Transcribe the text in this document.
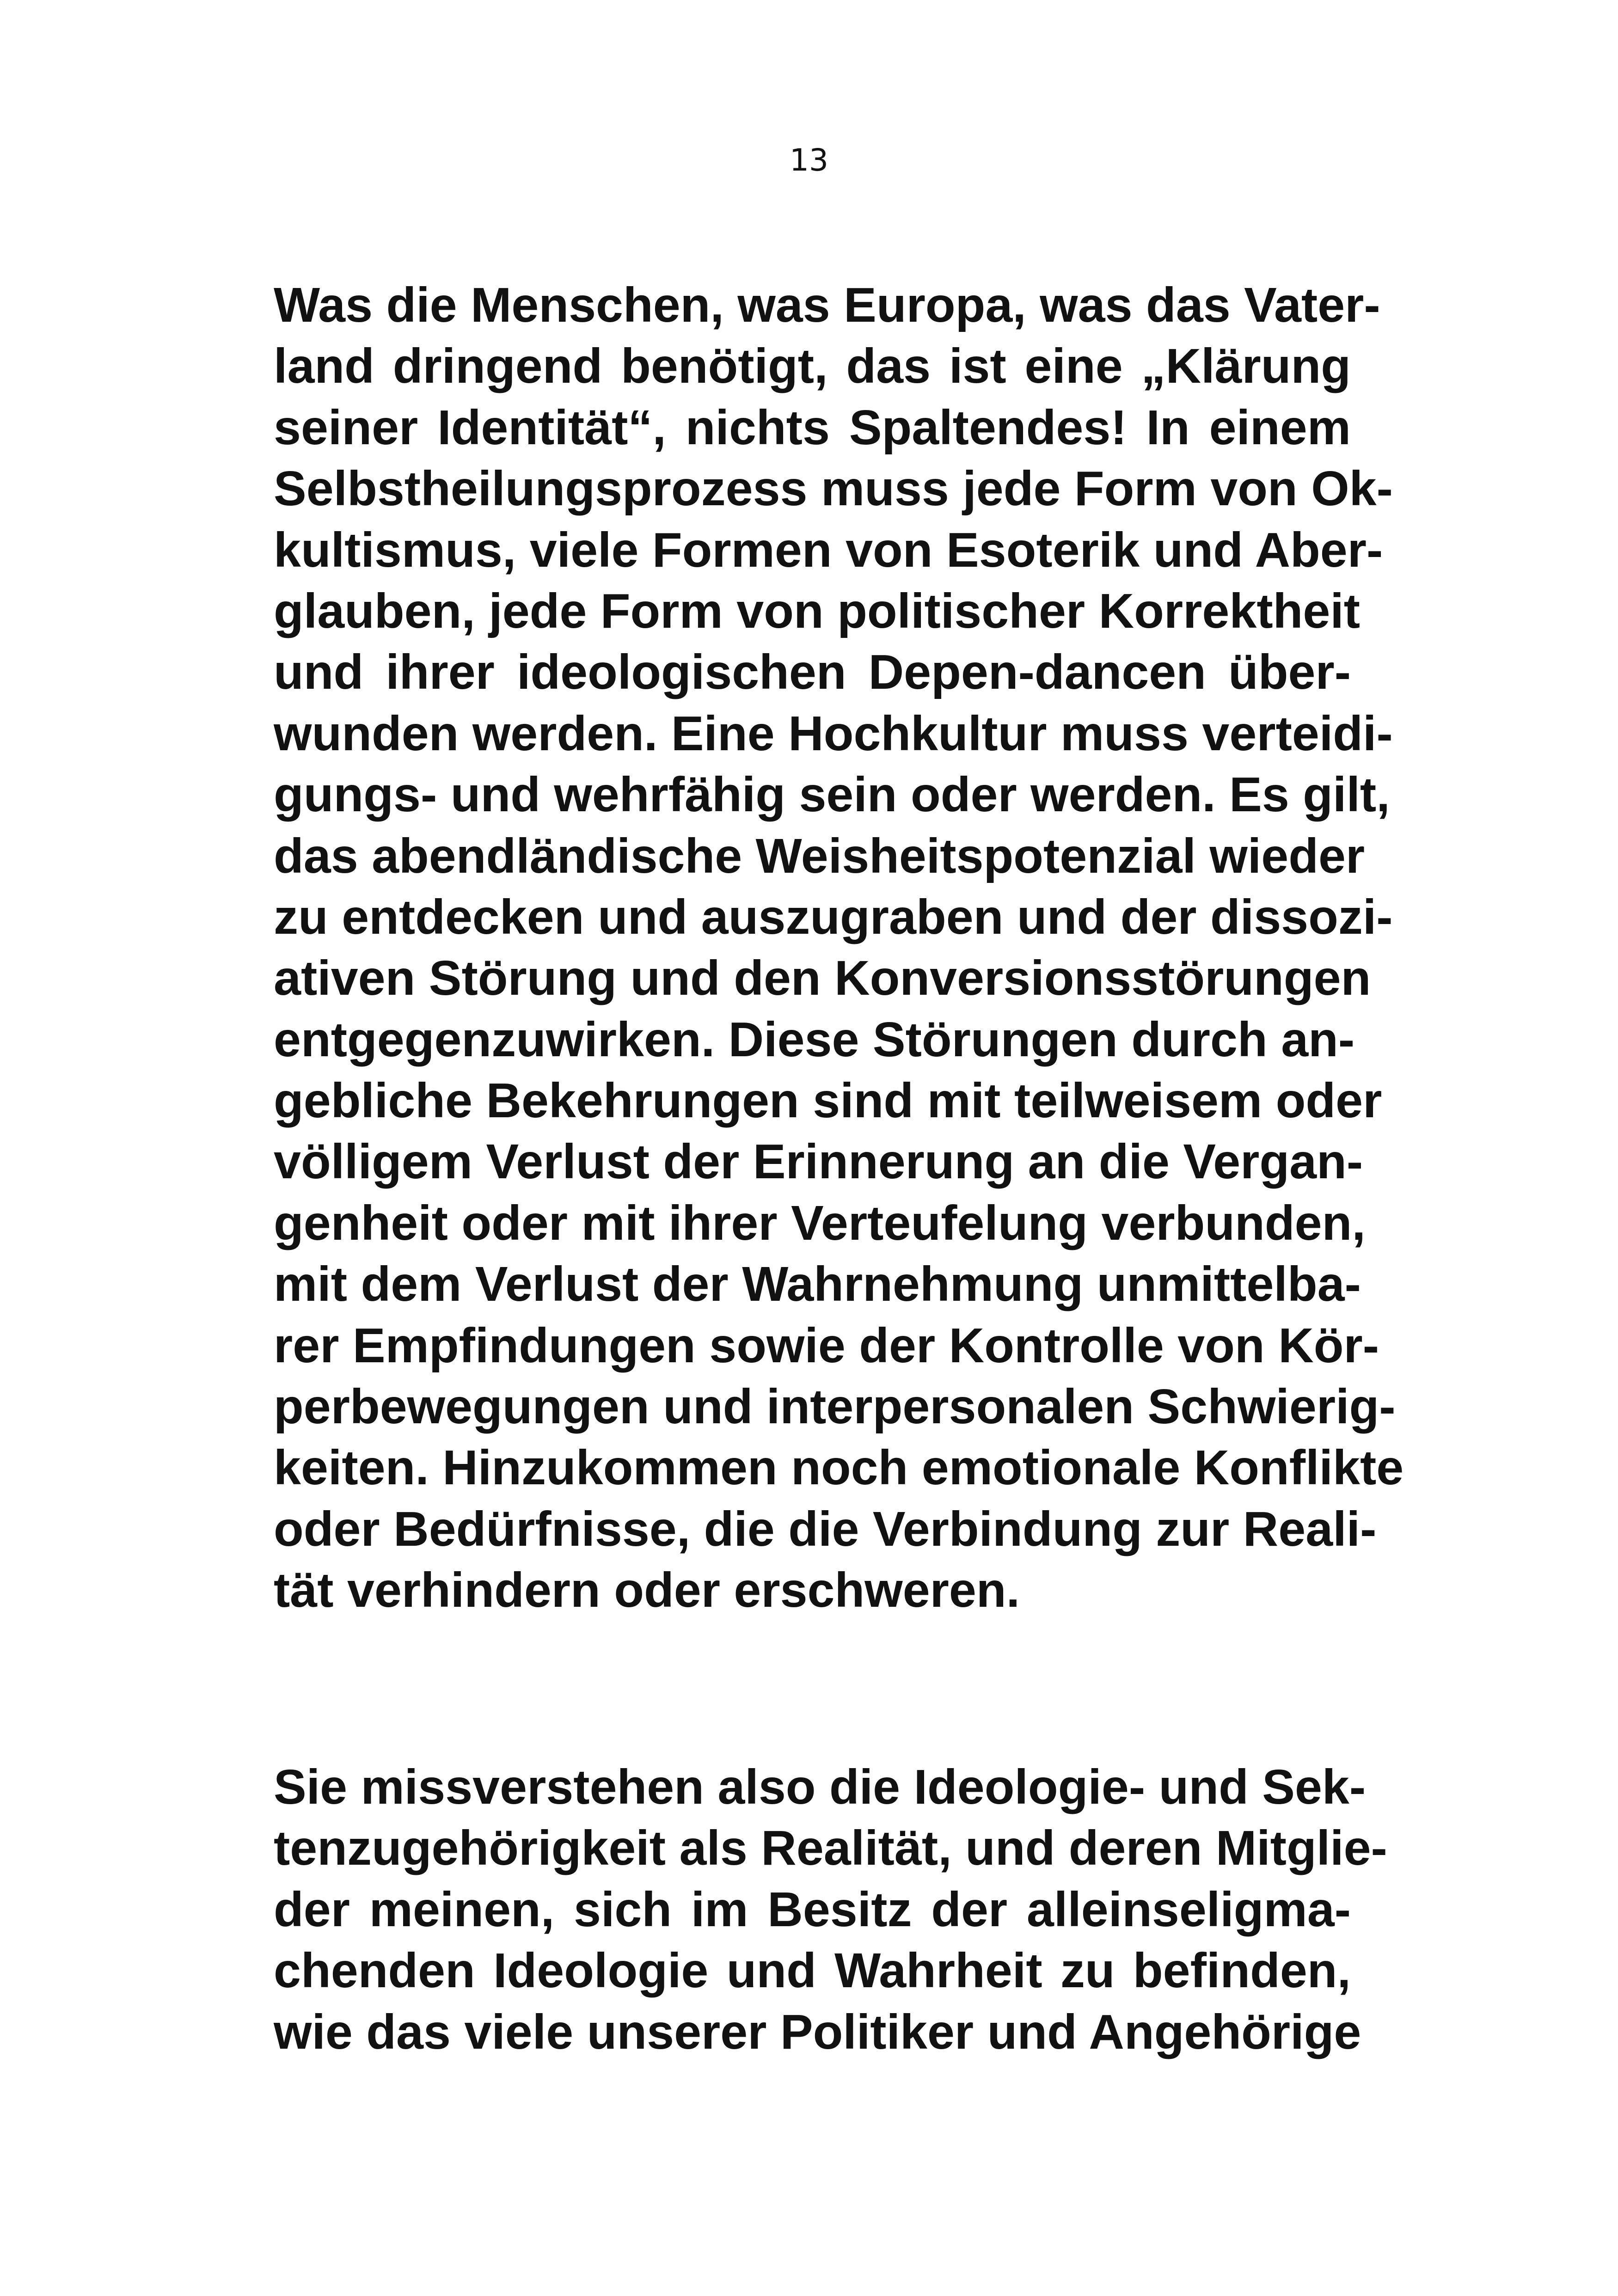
13
Was die Menschen, was Europa, was das Vater-
land dringend benötigt, das ist eine „Klärung
seiner Identität“, nichts Spaltendes! In einem
Selbstheilungsprozess muss jede Form von Ok-
kultismus, viele Formen von Esoterik und Aber-
glauben, jede Form von politischer Korrektheit
und ihrer ideologischen Depen-dancen über-
wunden werden. Eine Hochkultur muss verteidi-
gungs- und wehrfähig sein oder werden. Es gilt,
das abendländische Weisheitspotenzial wieder
zu entdecken und auszugraben und der dissozi-
ativen Störung und den Konversionsstörungen
entgegenzuwirken. Diese Störungen durch an-
gebliche Bekehrungen sind mit teilweisem oder
völligem Verlust der Erinnerung an die Vergan-
genheit oder mit ihrer Verteufelung verbunden,
mit dem Verlust der Wahrnehmung unmittelba-
rer Empfindungen sowie der Kontrolle von Kör-
perbewegungen und interpersonalen Schwierig-
keiten. Hinzukommen noch emotionale Konflikte
oder Bedürfnisse, die die Verbindung zur Reali-
tät verhindern oder erschweren.
Sie missverstehen also die Ideologie- und Sek-
tenzugehörigkeit als Realität, und deren Mitglie-
der meinen, sich im Besitz der alleinseligma-
chenden Ideologie und Wahrheit zu befinden,
wie das viele unserer Politiker und Angehörige
